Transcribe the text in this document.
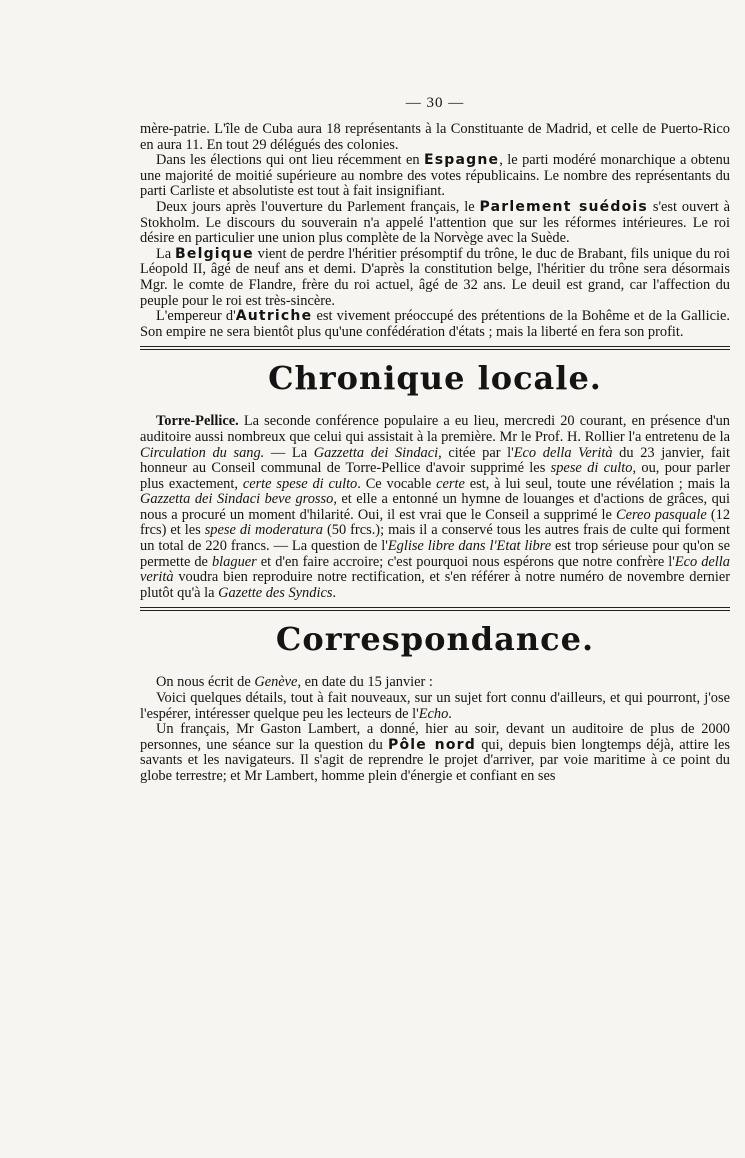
— 30 —

mère-patrie. L'île de Cuba aura 18 représentants à la Constituante de Madrid, et celle de Puerto-Rico en aura 11. En tout 29 délégués des colonies.

Dans les élections qui ont lieu récemment en Espagne, le parti modéré monarchique a obtenu une majorité de moitié supérieure au nombre des votes républicains. Le nombre des représentants du parti Carliste et absolutiste est tout à fait insignifiant.

Deux jours après l'ouverture du Parlement français, le Parlement suédois s'est ouvert à Stokholm. Le discours du souverain n'a appelé l'attention que sur les réformes intérieures. Le roi désire en particulier une union plus complète de la Norvège avec la Suède.

La Belgique vient de perdre l'héritier présomptif du trône, le duc de Brabant, fils unique du roi Léopold II, âgé de neuf ans et demi. D'après la constitution belge, l'héritier du trône sera désormais Mgr. le comte de Flandre, frère du roi actuel, âgé de 32 ans. Le deuil est grand, car l'affection du peuple pour le roi est très-sincère.

L'empereur d'Autriche est vivement préoccupé des prétentions de la Bohême et de la Gallicie. Son empire ne sera bientôt plus qu'une confédération d'états ; mais la liberté en fera son profit.

Chronique locale.

Torre-Pellice. La seconde conférence populaire a eu lieu, mercredi 20 courant, en présence d'un auditoire aussi nombreux que celui qui assistait à la première. Mr le Prof. H. Rollier l'a entretenu de la Circulation du sang. — La Gazzetta dei Sindaci, citée par l'Eco della Verità du 23 janvier, fait honneur au Conseil communal de Torre-Pellice d'avoir supprimé les spese di culto, ou, pour parler plus exactement, certe spese di culto. Ce vocable certe est, à lui seul, toute une révélation ; mais la Gazzetta dei Sindaci beve grosso, et elle a entonné un hymne de louanges et d'actions de grâces, qui nous a procuré un moment d'hilarité. Oui, il est vrai que le Conseil a supprimé le Cereo pasquale (12 frcs) et les spese di moderatura (50 frcs.); mais il a conservé tous les autres frais de culte qui forment un total de 220 francs. — La question de l'Eglise libre dans l'Etat libre est trop sérieuse pour qu'on se permette de blaguer et d'en faire accroire; c'est pourquoi nous espérons que notre confrère l'Eco della verità voudra bien reproduire notre rectification, et s'en référer à notre numéro de novembre dernier plutôt qu'à la Gazette des Syndics.

Correspondance.

On nous écrit de Genève, en date du 15 janvier :

Voici quelques détails, tout à fait nouveaux, sur un sujet fort connu d'ailleurs, et qui pourront, j'ose l'espérer, intéresser quelque peu les lecteurs de l'Echo.

Un français, Mr Gaston Lambert, a donné, hier au soir, devant un auditoire de plus de 2000 personnes, une séance sur la question du Pôle nord qui, depuis bien longtemps déjà, attire les savants et les navigateurs. Il s'agit de reprendre le projet d'arriver, par voie maritime à ce point du globe terrestre; et Mr Lambert, homme plein d'énergie et confiant en ses
